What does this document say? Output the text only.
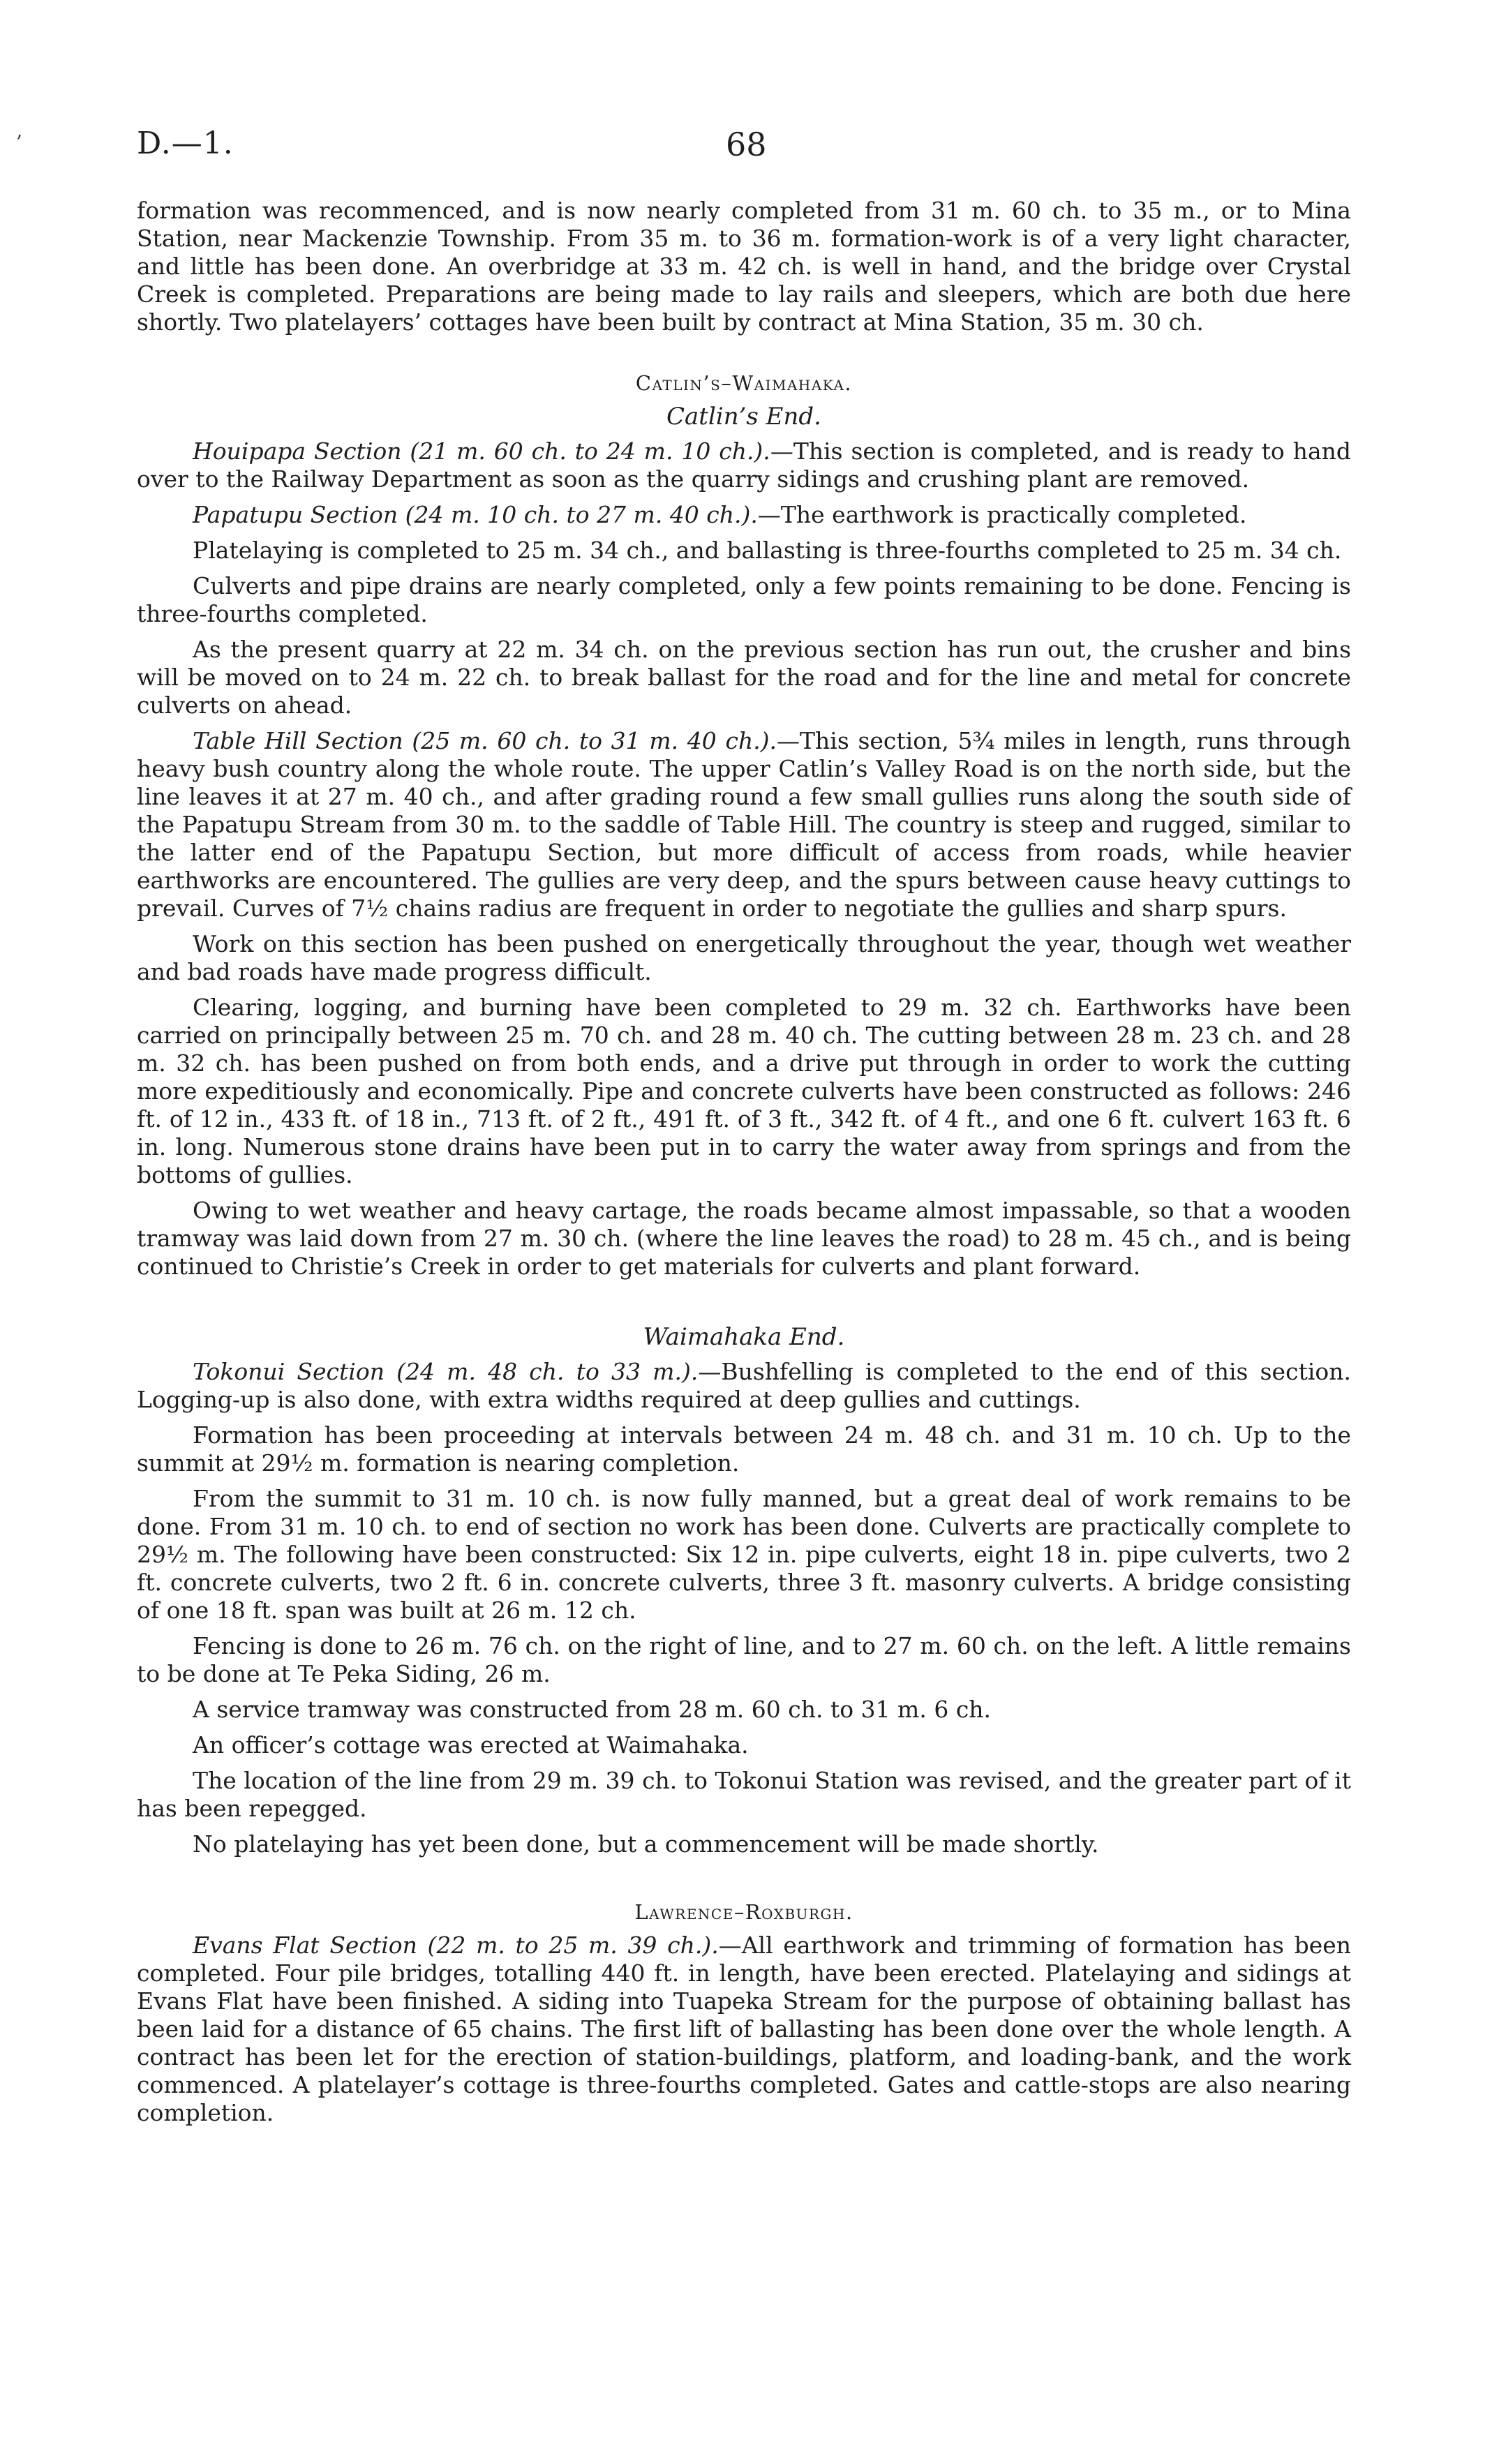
ʼ	D.—1.	68

formation was recommenced, and is now nearly completed from 31 m. 60 ch. to 35 m., or to Mina Station, near Mackenzie Township. From 35 m. to 36 m. formation-work is of a very light character, and little has been done. An overbridge at 33 m. 42 ch. is well in hand, and the bridge over Crystal Creek is completed. Preparations are being made to lay rails and sleepers, which are both due here shortly. Two platelayers’ cottages have been built by contract at Mina Station, 35 m. 30 ch.

Catlin’s–Waimahaka.
Catlin’s End.

Houipapa Section (21 m. 60 ch. to 24 m. 10 ch.).—This section is completed, and is ready to hand over to the Railway Department as soon as the quarry sidings and crushing plant are removed.

Papatupu Section (24 m. 10 ch. to 27 m. 40 ch.).—The earthwork is practically completed.

Platelaying is completed to 25 m. 34 ch., and ballasting is three-fourths completed to 25 m. 34 ch.

Culverts and pipe drains are nearly completed, only a few points remaining to be done. Fencing is three-fourths completed.

As the present quarry at 22 m. 34 ch. on the previous section has run out, the crusher and bins will be moved on to 24 m. 22 ch. to break ballast for the road and for the line and metal for concrete culverts on ahead.

Table Hill Section (25 m. 60 ch. to 31 m. 40 ch.).—This section, 5¾ miles in length, runs through heavy bush country along the whole route. The upper Catlin’s Valley Road is on the north side, but the line leaves it at 27 m. 40 ch., and after grading round a few small gullies runs along the south side of the Papatupu Stream from 30 m. to the saddle of Table Hill. The country is steep and rugged, similar to the latter end of the Papatupu Section, but more difficult of access from roads, while heavier earthworks are encountered. The gullies are very deep, and the spurs between cause heavy cuttings to prevail. Curves of 7½ chains radius are frequent in order to negotiate the gullies and sharp spurs.

Work on this section has been pushed on energetically throughout the year, though wet weather and bad roads have made progress difficult.

Clearing, logging, and burning have been completed to 29 m. 32 ch. Earthworks have been carried on principally between 25 m. 70 ch. and 28 m. 40 ch. The cutting between 28 m. 23 ch. and 28 m. 32 ch. has been pushed on from both ends, and a drive put through in order to work the cutting more expeditiously and economically. Pipe and concrete culverts have been constructed as follows: 246 ft. of 12 in., 433 ft. of 18 in., 713 ft. of 2 ft., 491 ft. of 3 ft., 342 ft. of 4 ft., and one 6 ft. culvert 163 ft. 6 in. long. Numerous stone drains have been put in to carry the water away from springs and from the bottoms of gullies.

Owing to wet weather and heavy cartage, the roads became almost impassable, so that a wooden tramway was laid down from 27 m. 30 ch. (where the line leaves the road) to 28 m. 45 ch., and is being continued to Christie’s Creek in order to get materials for culverts and plant forward.

Waimahaka End.

Tokonui Section (24 m. 48 ch. to 33 m.).—Bushfelling is completed to the end of this section. Logging-up is also done, with extra widths required at deep gullies and cuttings.

Formation has been proceeding at intervals between 24 m. 48 ch. and 31 m. 10 ch. Up to the summit at 29½ m. formation is nearing completion.

From the summit to 31 m. 10 ch. is now fully manned, but a great deal of work remains to be done. From 31 m. 10 ch. to end of section no work has been done. Culverts are practically complete to 29½ m. The following have been constructed: Six 12 in. pipe culverts, eight 18 in. pipe culverts, two 2 ft. concrete culverts, two 2 ft. 6 in. concrete culverts, three 3 ft. masonry culverts. A bridge consisting of one 18 ft. span was built at 26 m. 12 ch.

Fencing is done to 26 m. 76 ch. on the right of line, and to 27 m. 60 ch. on the left. A little remains to be done at Te Peka Siding, 26 m.

A service tramway was constructed from 28 m. 60 ch. to 31 m. 6 ch.

An officer’s cottage was erected at Waimahaka.

The location of the line from 29 m. 39 ch. to Tokonui Station was revised, and the greater part of it has been repegged.

No platelaying has yet been done, but a commencement will be made shortly.

Lawrence–Roxburgh.

Evans Flat Section (22 m. to 25 m. 39 ch.).—All earthwork and trimming of formation has been completed. Four pile bridges, totalling 440 ft. in length, have been erected. Platelaying and sidings at Evans Flat have been finished. A siding into Tuapeka Stream for the purpose of obtaining ballast has been laid for a distance of 65 chains. The first lift of ballasting has been done over the whole length. A contract has been let for the erection of station-buildings, platform, and loading-bank, and the work commenced. A platelayer’s cottage is three-fourths completed. Gates and cattle-stops are also nearing completion.
